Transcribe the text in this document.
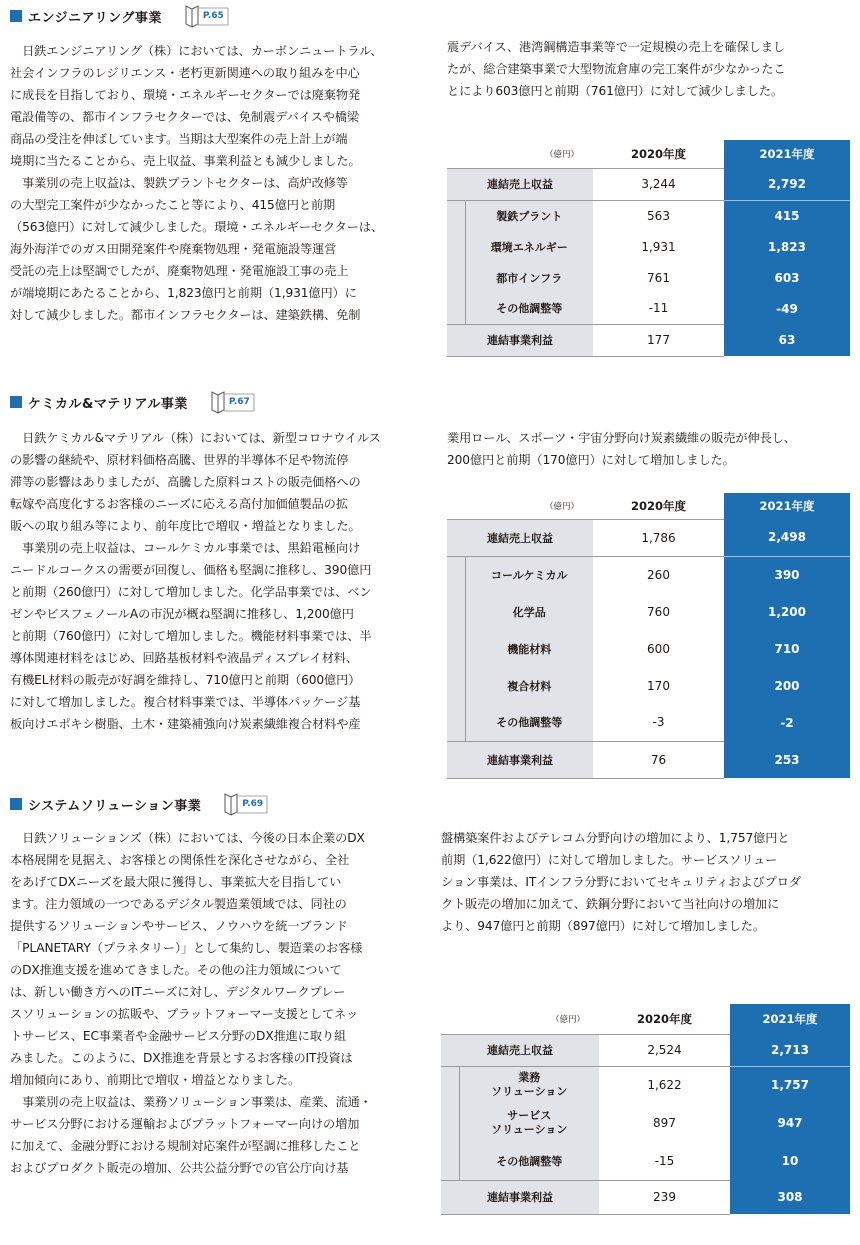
エンジニアリング事業	P.65
　日鉄エンジニアリング（株）においては、カーボンニュートラル、
社会インフラのレジリエンス・老朽更新関連への取り組みを中心
に成長を目指しており、環境・エネルギーセクターでは廃棄物発
電設備等の、都市インフラセクターでは、免制震デバイスや橋梁
商品の受注を伸ばしています。当期は大型案件の売上計上が端
境期に当たることから、売上収益、事業利益とも減少しました。
　事業別の売上収益は、製鉄プラントセクターは、高炉改修等
の大型完工案件が少なかったこと等により、415億円と前期
（563億円）に対して減少しました。環境・エネルギーセクターは、
海外海洋でのガス田開発案件や廃棄物処理・発電施設等運営
受託の売上は堅調でしたが、廃棄物処理・発電施設工事の売上
が端境期にあたることから、1,823億円と前期（1,931億円）に
対して減少しました。都市インフラセクターは、建築鉄構、免制
震デバイス、港湾鋼構造事業等で一定規模の売上を確保しまし
たが、総合建築事業で大型物流倉庫の完工案件が少なかったこ
とにより603億円と前期（761億円）に対して減少しました。
（億円）		2020年度	2021年度
連結売上収益		3,244	2,792
	製鉄プラント	563	415
	環境エネルギー	1,931	1,823
	都市インフラ	761	603
	その他調整等	-11	-49
連結事業利益		177	63
ケミカル&マテリアル事業	P.67
　日鉄ケミカル&マテリアル（株）においては、新型コロナウイルス
の影響の継続や、原材料価格高騰、世界的半導体不足や物流停
滞等の影響はありましたが、高騰した原料コストの販売価格への
転嫁や高度化するお客様のニーズに応える高付加価値製品の拡
販への取り組み等により、前年度比で増収・増益となりました。
　事業別の売上収益は、コールケミカル事業では、黒鉛電極向け
ニードルコークスの需要が回復し、価格も堅調に推移し、390億円
と前期（260億円）に対して増加しました。化学品事業では、ベン
ゼンやビスフェノールAの市況が概ね堅調に推移し、1,200億円
と前期（760億円）に対して増加しました。機能材料事業では、半
導体関連材料をはじめ、回路基板材料や液晶ディスプレイ材料、
有機EL材料の販売が好調を維持し、710億円と前期（600億円）
に対して増加しました。複合材料事業では、半導体パッケージ基
板向けエポキシ樹脂、土木・建築補強向け炭素繊維複合材料や産
業用ロール、スポーツ・宇宙分野向け炭素繊維の販売が伸長し、
200億円と前期（170億円）に対して増加しました。
（億円）		2020年度	2021年度
連結売上収益		1,786	2,498
	コールケミカル	260	390
	化学品	760	1,200
	機能材料	600	710
	複合材料	170	200
	その他調整等	-3	-2
連結事業利益		76	253
システムソリューション事業	P.69
　日鉄ソリューションズ（株）においては、今後の日本企業のDX
本格展開を見据え、お客様との関係性を深化させながら、全社
をあげてDXニーズを最大限に獲得し、事業拡大を目指してい
ます。注力領域の一つであるデジタル製造業領域では、同社の
提供するソリューションやサービス、ノウハウを統一ブランド
「PLANETARY（プラネタリー）」として集約し、製造業のお客様
のDX推進支援を進めてきました。その他の注力領域について
は、新しい働き方へのITニーズに対し、デジタルワークプレー
スソリューションの拡販や、プラットフォーマー支援としてネッ
トサービス、EC事業者や金融サービス分野のDX推進に取り組
みました。このように、DX推進を背景とするお客様のIT投資は
増加傾向にあり、前期比で増収・増益となりました。
　事業別の売上収益は、業務ソリューション事業は、産業、流通・
サービス分野における運輸およびプラットフォーマー向けの増加
に加えて、金融分野における規制対応案件が堅調に推移したこと
およびプロダクト販売の増加、公共公益分野での官公庁向け基
盤構築案件およびテレコム分野向けの増加により、1,757億円と
前期（1,622億円）に対して増加しました。サービスソリュー
ション事業は、ITインフラ分野においてセキュリティおよびプロダ
クト販売の増加に加えて、鉄鋼分野において当社向けの増加に
より、947億円と前期（897億円）に対して増加しました。
（億円）		2020年度	2021年度
連結売上収益		2,524	2,713

	業務
ソリューション	1,622	1,757

	サービス
ソリューション	897	947
	その他調整等	-15	10
連結事業利益		239	308
